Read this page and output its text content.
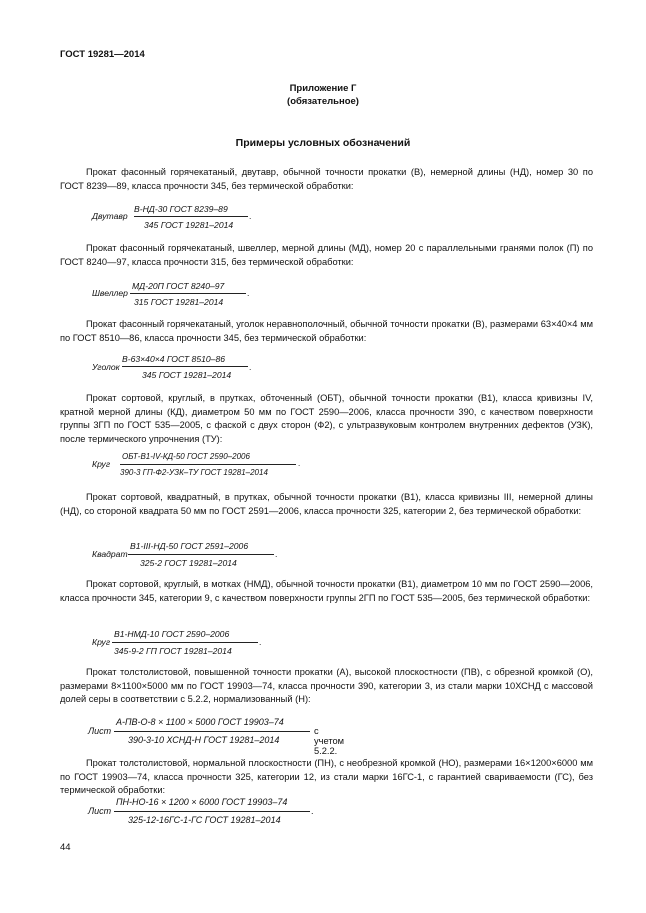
ГОСТ 19281—2014
Приложение Г
(обязательное)
Примеры условных обозначений
Прокат фасонный горячекатаный, двутавр, обычной точности прокатки (В), немерной длины (НД), номер 30 по ГОСТ 8239—89, класса прочности 345, без термической обработки:
Двутавр
В-НД-30 ГОСТ 8239–89
345 ГОСТ 19281–2014
.
Прокат фасонный горячекатаный, швеллер, мерной длины (МД), номер 20 с параллельными гранями полок (П) по ГОСТ 8240—97, класса прочности 315, без термической обработки:
Швеллер
МД-20П ГОСТ 8240–97
315 ГОСТ 19281–2014
.
Прокат фасонный горячекатаный, уголок неравнополочный, обычной точности прокатки (В), размерами 63×40×4 мм по ГОСТ 8510—86, класса прочности 345, без термической обработки:
Уголок
В-63×40×4 ГОСТ 8510–86
345 ГОСТ 19281–2014
.
Прокат сортовой, круглый, в прутках, обточенный (ОБТ), обычной точности прокатки (В1), класса кривизны IV, кратной мерной длины (КД), диаметром 50 мм по ГОСТ 2590—2006, класса прочности 390, с качеством поверхности группы 3ГП по ГОСТ 535—2005, с фаской с двух сторон (Ф2), с ультразвуковым контролем внутренних дефектов (УЗК), после термического упрочнения (ТУ):
Круг
ОБТ-В1-IV-КД-50 ГОСТ 2590–2006
390-3 ГП-Ф2-УЗК–ТУ ГОСТ 19281–2014
.
Прокат сортовой, квадратный, в прутках, обычной точности прокатки (В1), класса кривизны III, немерной длины (НД), со стороной квадрата 50 мм по ГОСТ 2591—2006, класса прочности 325, категории 2, без термической обработки:
Квадрат
В1-III-НД-50 ГОСТ 2591–2006
325-2 ГОСТ 19281–2014
.
Прокат сортовой, круглый, в мотках (НМД), обычной точности прокатки (В1), диаметром 10 мм по ГОСТ 2590—2006, класса прочности 345, категории 9, с качеством поверхности группы 2ГП по ГОСТ 535—2005, без термической обработки:
Круг
В1-НМД-10 ГОСТ 2590–2006
345-9-2 ГП ГОСТ 19281–2014
.
Прокат толстолистовой, повышенной точности прокатки (А), высокой плоскостности (ПВ), с обрезной кромкой (О), размерами 8×1100×5000 мм по ГОСТ 19903—74, класса прочности 390, категории 3, из стали марки 10ХСНД с массовой долей серы в соответствии с 5.2.2, нормализованный (Н):
Лист
А-ПВ-О-8 × 1100 × 5000 ГОСТ 19903–74
390-3-10 ХСНД-Н ГОСТ 19281–2014
с учетом 5.2.2.
Прокат толстолистовой, нормальной плоскостности (ПН), с необрезной кромкой (НО), размерами 16×1200×6000 мм по ГОСТ 19903—74, класса прочности 325, категории 12, из стали марки 16ГС-1, с гарантией свариваемости (ГС), без термической обработки:
Лист
ПН-НО-16 × 1200 × 6000 ГОСТ 19903–74
325-12-16ГС-1-ГС ГОСТ 19281–2014
.
44
